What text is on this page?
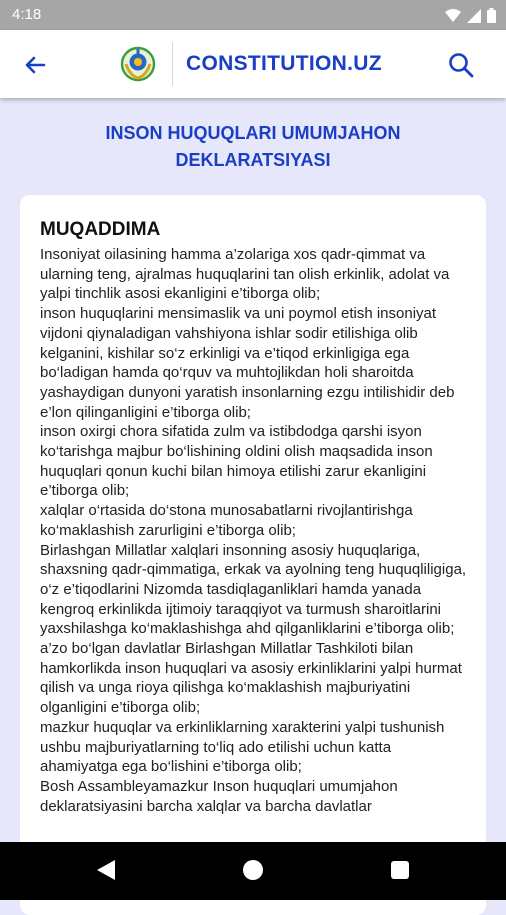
4:18
CONSTITUTION.UZ
INSON HUQUQLARI UMUMJAHON DEKLARATSIYASI
MUQADDIMA
Insoniyat oilasining hamma a’zolariga xos qadr-qimmat va ularning teng, ajralmas huquqlarini tan olish erkinlik, adolat va yalpi tinchlik asosi ekanligini e’tiborga olib;
inson huquqlarini mensimaslik va uni poymol etish insoniyat vijdoni qiynaladigan vahshiyona ishlar sodir etilishiga olib kelganini, kishilar so‘z erkinligi va e’tiqod erkinligiga ega bo‘ladigan hamda qo‘rquv va muhtojlikdan holi sharoitda yashaydigan dunyoni yaratish insonlarning ezgu intilishidir deb e’lon qilinganligini e’tiborga olib;
inson oxirgi chora sifatida zulm va istibdodga qarshi isyon ko‘tarishga majbur bo‘lishining oldini olish maqsadida inson huquqlari qonun kuchi bilan himoya etilishi zarur ekanligini e’tiborga olib;
xalqlar o‘rtasida do‘stona munosabatlarni rivojlantirishga ko‘maklashish zarurligini e’tiborga olib;
Birlashgan Millatlar xalqlari insonning asosiy huquqlariga, shaxsning qadr-qimmatiga, erkak va ayolning teng huquqliligiga, o‘z e’tiqodlarini Nizomda tasdiqlaganliklari hamda yanada kengroq erkinlikda ijtimoiy taraqqiyot va turmush sharoitlarini yaxshilashga ko‘maklashishga ahd qilganliklarini e’tiborga olib;
a’zo bo‘lgan davlatlar Birlashgan Millatlar Tashkiloti bilan hamkorlikda inson huquqlari va asosiy erkinliklarini yalpi hurmat qilish va unga rioya qilishga ko‘maklashish majburiyatini olganligini e’tiborga olib;
mazkur huquqlar va erkinliklarning xarakterini yalpi tushunish ushbu majburiyatlarning to‘liq ado etilishi uchun katta ahamiyatga ega bo‘lishini e’tiborga olib;
Bosh Assambleyamazkur Inson huquqlari umumjahon deklaratsiyasini barcha xalqlar va barcha davlatlar
